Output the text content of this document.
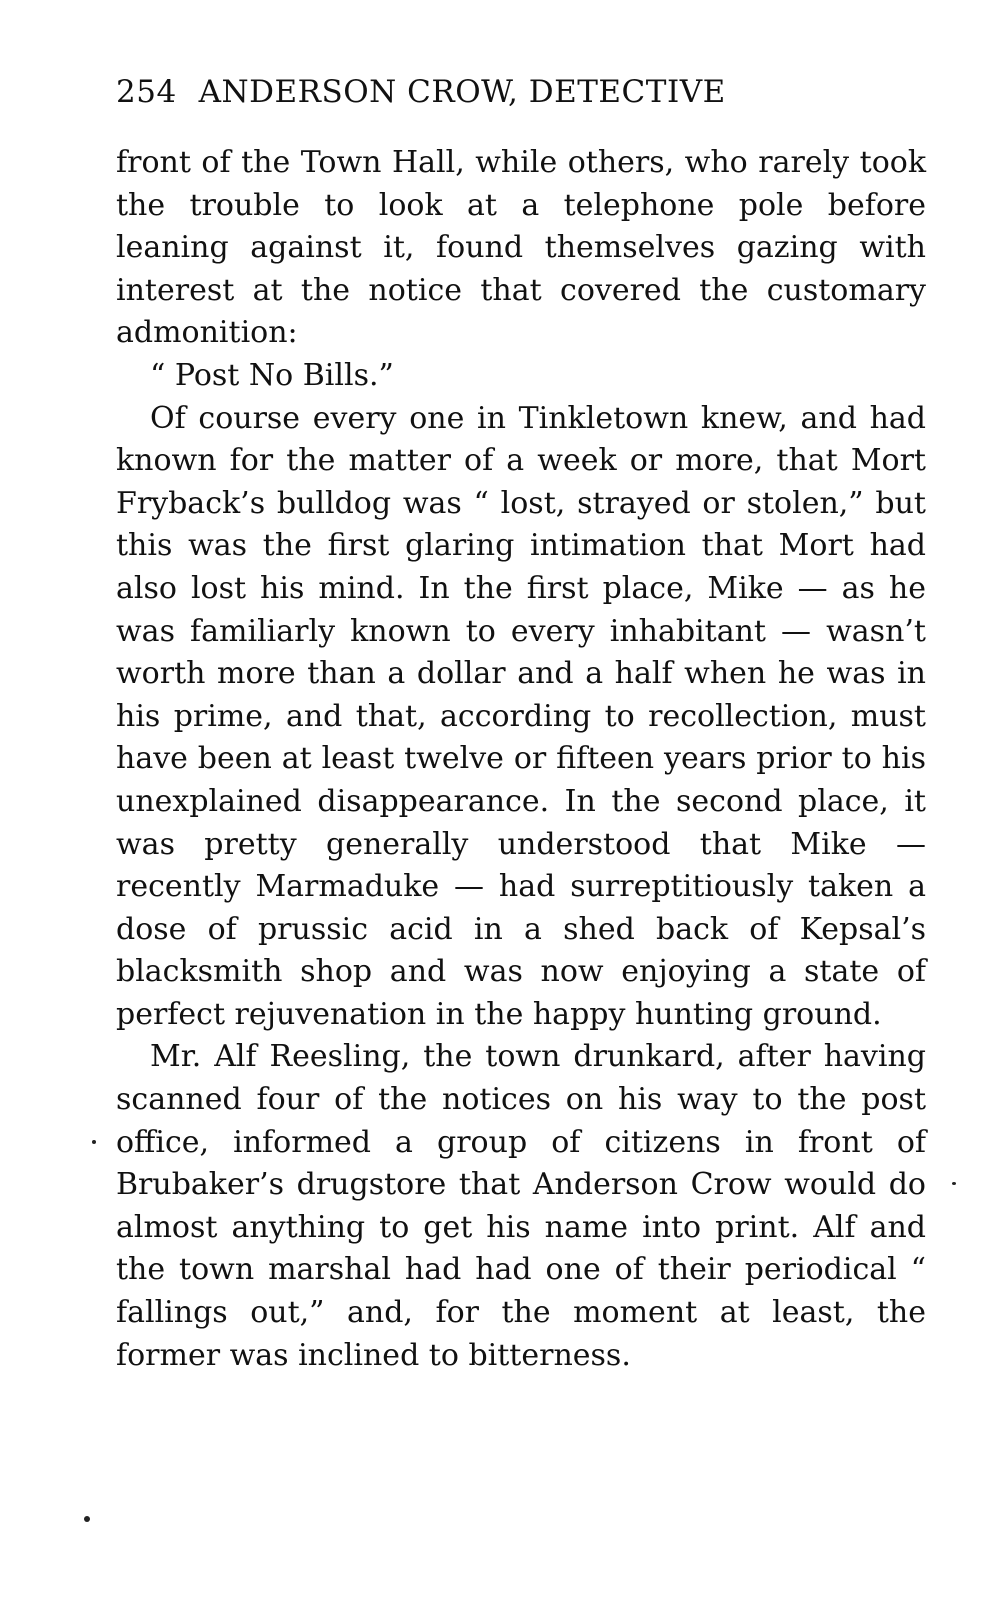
254 ANDERSON CROW, DETECTIVE

front of the Town Hall, while others, who rarely took the trouble to look at a telephone pole before leaning against it, found themselves gazing with interest at the notice that covered the customary admonition:

“ Post No Bills.”

Of course every one in Tinkletown knew, and had known for the matter of a week or more, that Mort Fryback’s bulldog was “ lost, strayed or stolen,” but this was the first glaring intimation that Mort had also lost his mind. In the first place, Mike — as he was familiarly known to every inhabitant — wasn’t worth more than a dollar and a half when he was in his prime, and that, according to recollection, must have been at least twelve or fifteen years prior to his unexplained disappearance. In the second place, it was pretty generally understood that Mike — recently Marmaduke — had surreptitiously taken a dose of prussic acid in a shed back of Kepsal’s blacksmith shop and was now enjoying a state of perfect rejuvenation in the happy hunting ground.

Mr. Alf Reesling, the town drunkard, after having scanned four of the notices on his way to the post office, informed a group of citizens in front of Brubaker’s drugstore that Anderson Crow would do almost anything to get his name into print. Alf and the town marshal had had one of their periodical “ fallings out,” and, for the moment at least, the former was inclined to bitterness.
